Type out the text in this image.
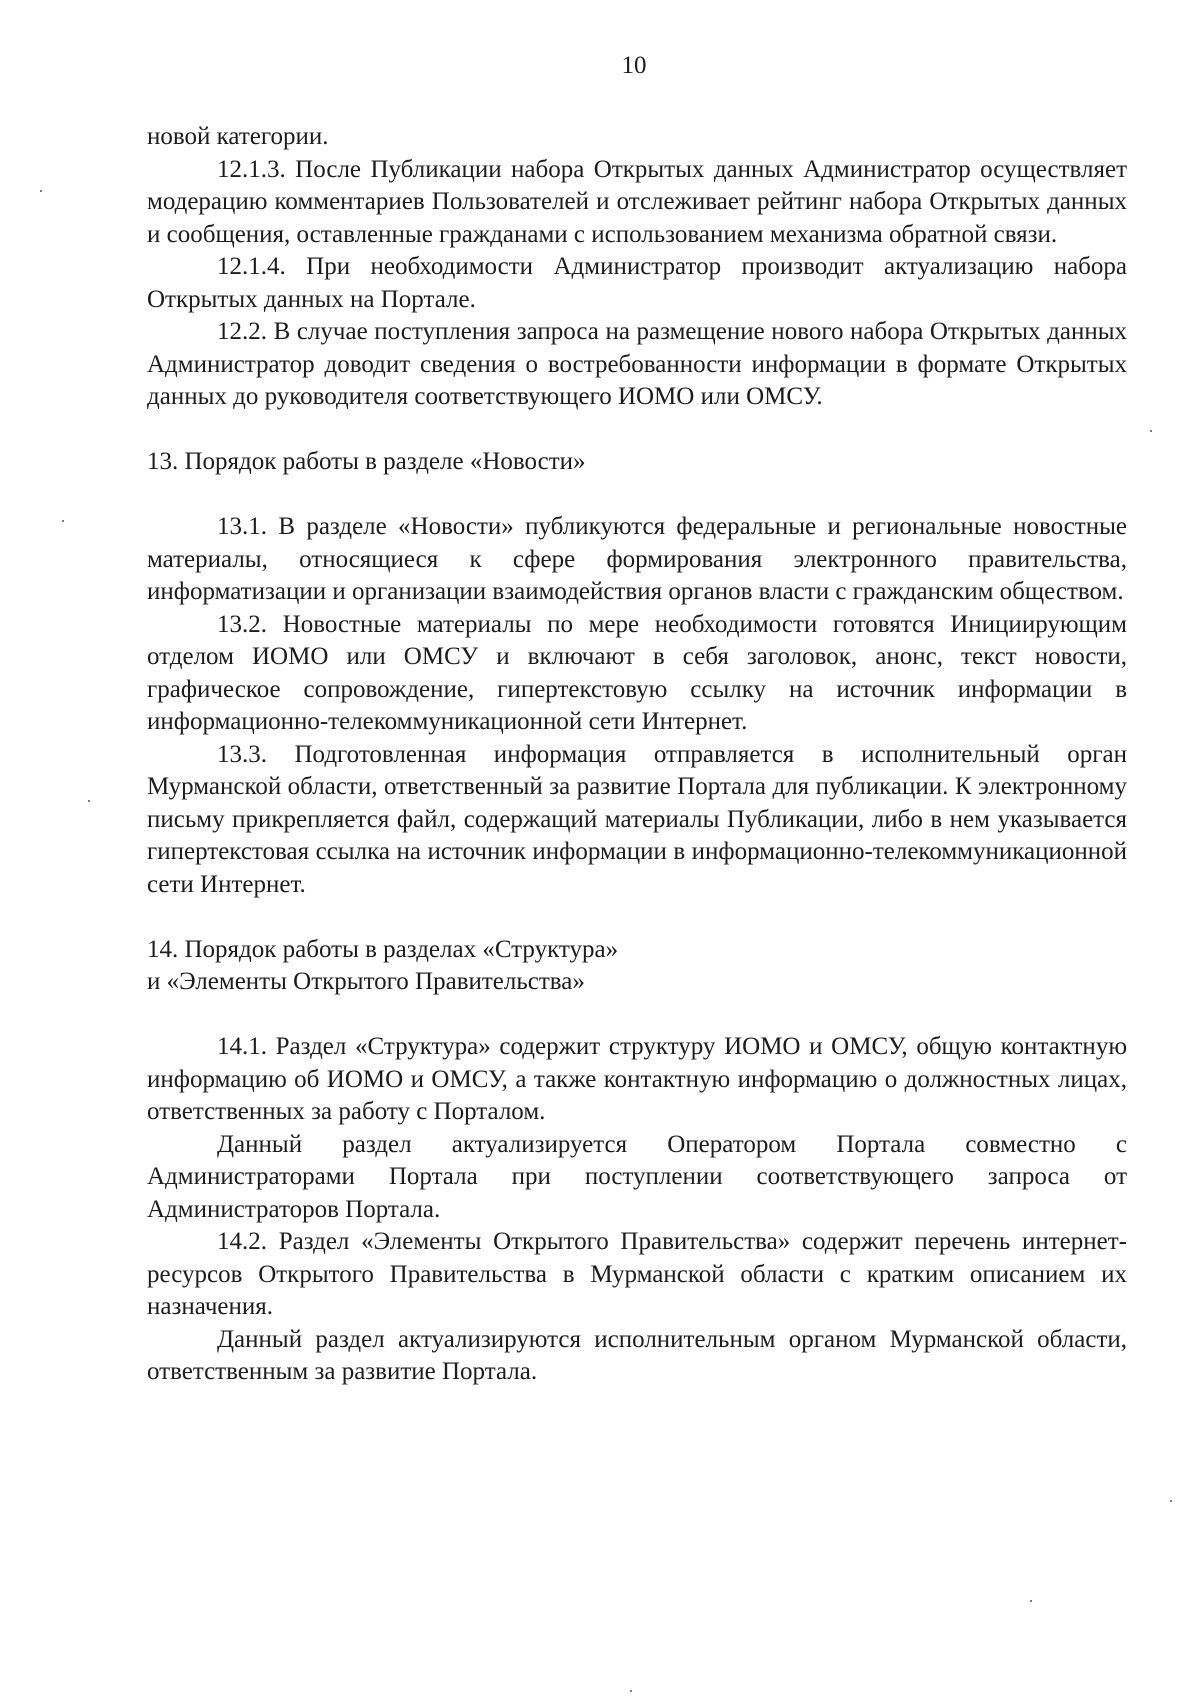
10

новой категории.

12.1.3. После Публикации набора Открытых данных Администратор осуществляет модерацию комментариев Пользователей и отслеживает рейтинг набора Открытых данных и сообщения, оставленные гражданами с использованием механизма обратной связи.

12.1.4. При необходимости Администратор производит актуализацию набора Открытых данных на Портале.

12.2. В случае поступления запроса на размещение нового набора Открытых данных Администратор доводит сведения о востребованности информации в формате Открытых данных до руководителя соответствующего ИОМО или ОМСУ.

13. Порядок работы в разделе «Новости»

13.1. В разделе «Новости» публикуются федеральные и региональные новостные материалы, относящиеся к сфере формирования электронного правительства, информатизации и организации взаимодействия органов власти с гражданским обществом.

13.2. Новостные материалы по мере необходимости готовятся Инициирующим отделом ИОМО или ОМСУ и включают в себя заголовок, анонс, текст новости, графическое сопровождение, гипертекстовую ссылку на источник информации в информационно-телекоммуникационной сети Интернет.

13.3. Подготовленная информация отправляется в исполнительный орган Мурманской области, ответственный за развитие Портала для публикации. К электронному письму прикрепляется файл, содержащий материалы Публикации, либо в нем указывается гипертекстовая ссылка на источник информации в информационно-телекоммуникационной сети Интернет.

14. Порядок работы в разделах «Структура»

и «Элементы Открытого Правительства»

14.1. Раздел «Структура» содержит структуру ИОМО и ОМСУ, общую контактную информацию об ИОМО и ОМСУ, а также контактную информацию о должностных лицах, ответственных за работу с Порталом.

Данный раздел актуализируется Оператором Портала совместно с Администраторами Портала при поступлении соответствующего запроса от Администраторов Портала.

14.2. Раздел «Элементы Открытого Правительства» содержит перечень интернет-ресурсов Открытого Правительства в Мурманской области с кратким описанием их назначения.

Данный раздел актуализируются исполнительным органом Мурманской области, ответственным за развитие Портала.
